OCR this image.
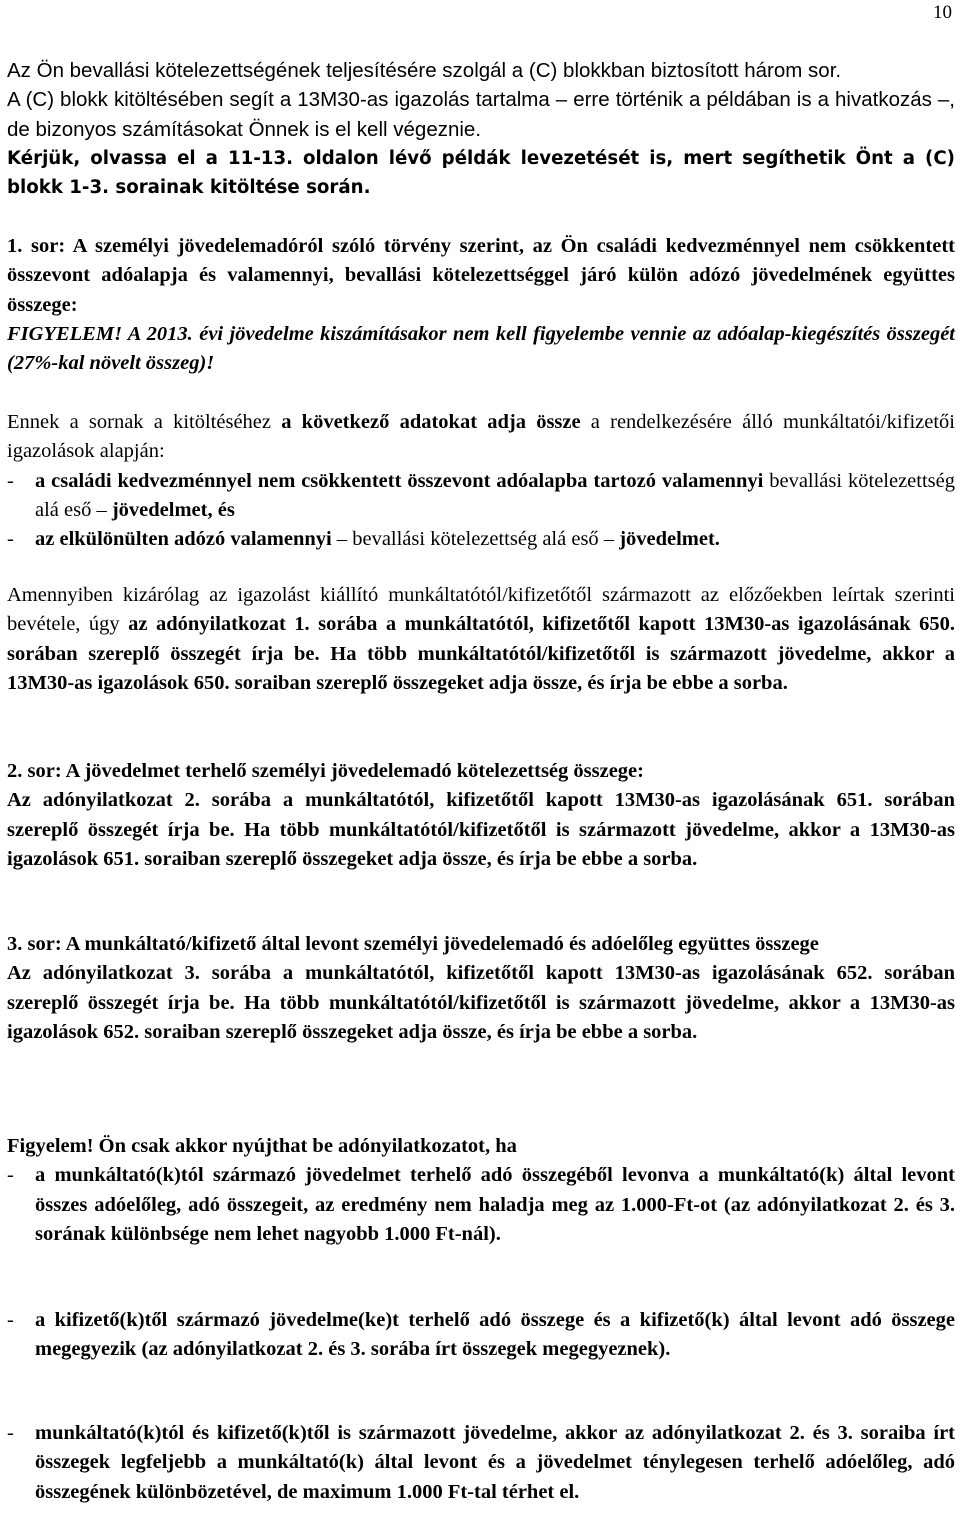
10

Az Ön bevallási kötelezettségének teljesítésére szolgál a (C) blokkban biztosított három sor.

A (C) blokk kitöltésében segít a 13M30-as igazolás tartalma – erre történik a példában is a hivatkozás –, de bizonyos számításokat Önnek is el kell végeznie.

Kérjük, olvassa el a 11-13. oldalon lévő példák levezetését is, mert segíthetik Önt a (C) blokk 1-3. sorainak kitöltése során.

1. sor: A személyi jövedelemadóról szóló törvény szerint, az Ön családi kedvezménnyel nem csökkentett összevont adóalapja és valamennyi, bevallási kötelezettséggel járó külön adózó jövedelmének együttes összege:

FIGYELEM! A 2013. évi jövedelme kiszámításakor nem kell figyelembe vennie az adóalap-kiegészítés összegét (27%-kal növelt összeg)!

Ennek a sornak a kitöltéséhez a következő adatokat adja össze a rendelkezésére álló munkáltatói/kifizetői igazolások alapján:

-	a családi kedvezménnyel nem csökkentett összevont adóalapba tartozó valamennyi bevallási kötelezettség alá eső – jövedelmet, és
-	az elkülönülten adózó valamennyi – bevallási kötelezettség alá eső – jövedelmet.

Amennyiben kizárólag az igazolást kiállító munkáltatótól/kifizetőtől származott az előzőekben leírtak szerinti bevétele, úgy az adónyilatkozat 1. sorába a munkáltatótól, kifizetőtől kapott 13M30-as igazolásának 650. sorában szereplő összegét írja be. Ha több munkáltatótól/kifizetőtől is származott jövedelme, akkor a 13M30-as igazolások 650. soraiban szereplő összegeket adja össze, és írja be ebbe a sorba.

2. sor: A jövedelmet terhelő személyi jövedelemadó kötelezettség összege:

Az adónyilatkozat 2. sorába a munkáltatótól, kifizetőtől kapott 13M30-as igazolásának 651. sorában szereplő összegét írja be. Ha több munkáltatótól/kifizetőtől is származott jövedelme, akkor a 13M30-as igazolások 651. soraiban szereplő összegeket adja össze, és írja be ebbe a sorba.

3. sor: A munkáltató/kifizető által levont személyi jövedelemadó és adóelőleg együttes összege

Az adónyilatkozat 3. sorába a munkáltatótól, kifizetőtől kapott 13M30-as igazolásának 652. sorában szereplő összegét írja be. Ha több munkáltatótól/kifizetőtől is származott jövedelme, akkor a 13M30-as igazolások 652. soraiban szereplő összegeket adja össze, és írja be ebbe a sorba.

Figyelem! Ön csak akkor nyújthat be adónyilatkozatot, ha

-	a munkáltató(k)tól származó jövedelmet terhelő adó összegéből levonva a munkáltató(k) által levont összes adóelőleg, adó összegeit, az eredmény nem haladja meg az 1.000-Ft-ot (az adónyilatkozat 2. és 3. sorának különbsége nem lehet nagyobb 1.000 Ft-nál).
-	a kifizető(k)től származó jövedelme(ke)t terhelő adó összege és a kifizető(k) által levont adó összege megegyezik (az adónyilatkozat 2. és 3. sorába írt összegek megegyeznek).
-	munkáltató(k)tól és kifizető(k)től is származott jövedelme, akkor az adónyilatkozat 2. és 3. soraiba írt összegek legfeljebb a munkáltató(k) által levont és a jövedelmet ténylegesen terhelő adóelőleg, adó összegének különbözetével, de maximum 1.000 Ft-tal térhet el.
